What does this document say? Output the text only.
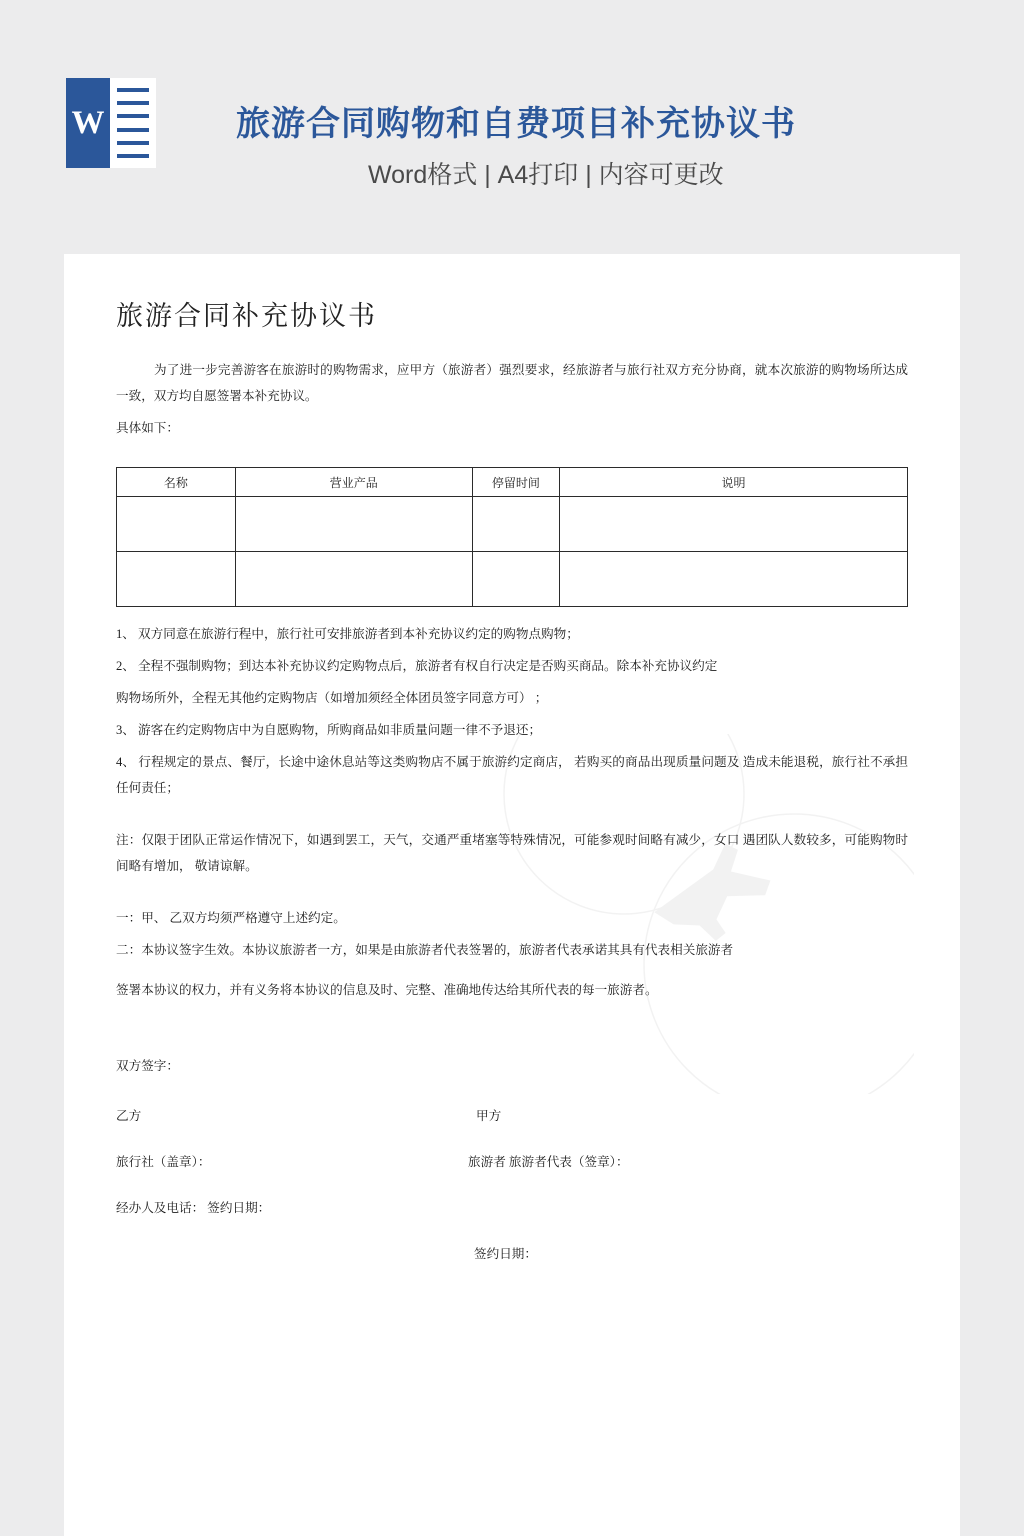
W	旅游合同购物和自费项目补充协议书
Word格式 | A4打印 | 内容可更改
旅游合同补充协议书

为了进一步完善游客在旅游时的购物需求，应甲方（旅游者）强烈要求，经旅游者与旅行社双方充分协商，就本次旅游的购物场所达成一致，双方均自愿签署本补充协议。

具体如下：

名称	营业产品	停留时间	说明

1、 双方同意在旅游行程中，旅行社可安排旅游者到本补充协议约定的购物点购物；

2、 全程不强制购物；到达本补充协议约定购物点后，旅游者有权自行决定是否购买商品。除本补充协议约定

购物场所外，全程无其他约定购物店（如增加须经全体团员签字同意方可） ；

3、 游客在约定购物店中为自愿购物，所购商品如非质量问题一律不予退还；

4、 行程规定的景点、餐厅，长途中途休息站等这类购物店不属于旅游约定商店， 若购买的商品出现质量问题及 造成未能退税，旅行社不承担任何责任；

注：仅限于团队正常运作情况下，如遇到罢工，天气，交通严重堵塞等特殊情况，可能参观时间略有减少，女口 遇团队人数较多，可能购物时间略有增加， 敬请谅解。

一：甲、 乙双方均须严格遵守上述约定。

二：本协议签字生效。本协议旅游者一方，如果是由旅游者代表签署的，旅游者代表承诺其具有代表相关旅游者

签署本协议的权力，并有义务将本协议的信息及时、完整、准确地传达给其所代表的每一旅游者。

双方签字：

乙方	甲方
旅行社（盖章）：	旅游者 旅游者代表（签章）：
经办人及电话： 签约日期：
签约日期：
